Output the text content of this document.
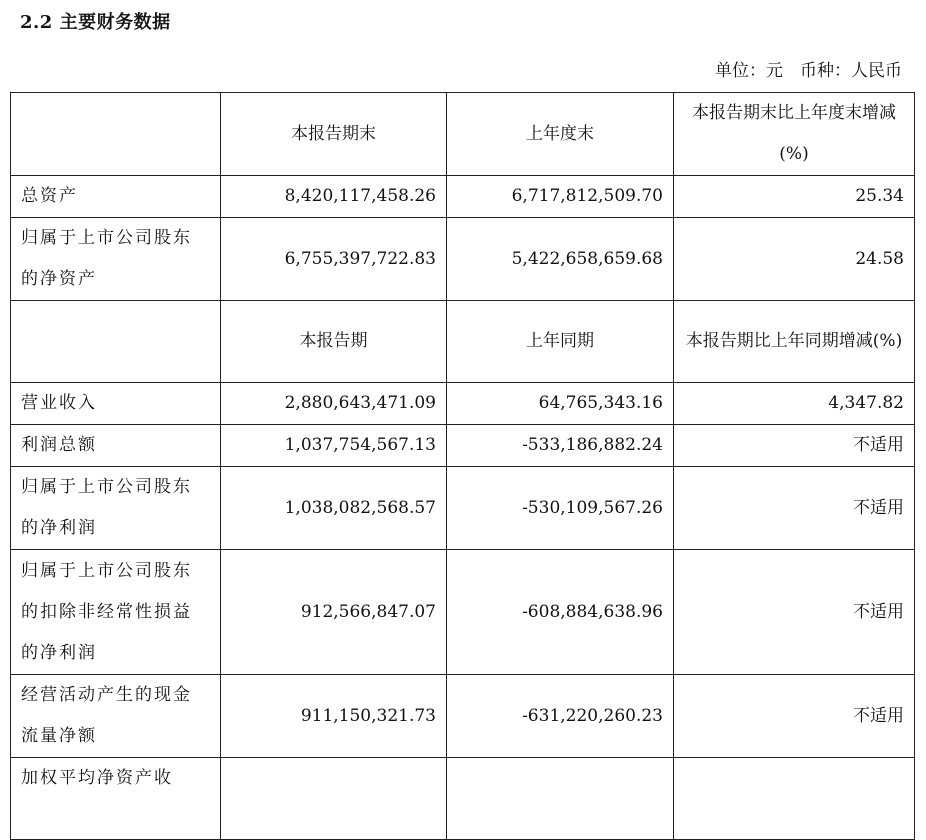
2.2 主要财务数据
单位：元　币种：人民币
	本报告期末	上年度末	本报告期末比上年度末增减(%)
总资产	8,420,117,458.26	6,717,812,509.70	25.34
归属于上市公司股东的净资产	6,755,397,722.83	5,422,658,659.68	24.58
	本报告期	上年同期	本报告期比上年同期增减(%)
营业收入	2,880,643,471.09	64,765,343.16	4,347.82
利润总额	1,037,754,567.13	-533,186,882.24	不适用
归属于上市公司股东的净利润	1,038,082,568.57	-530,109,567.26	不适用
归属于上市公司股东的扣除非经常性损益的净利润	912,566,847.07	-608,884,638.96	不适用
经营活动产生的现金流量净额	911,150,321.73	-631,220,260.23	不适用
加权平均净资产收			
